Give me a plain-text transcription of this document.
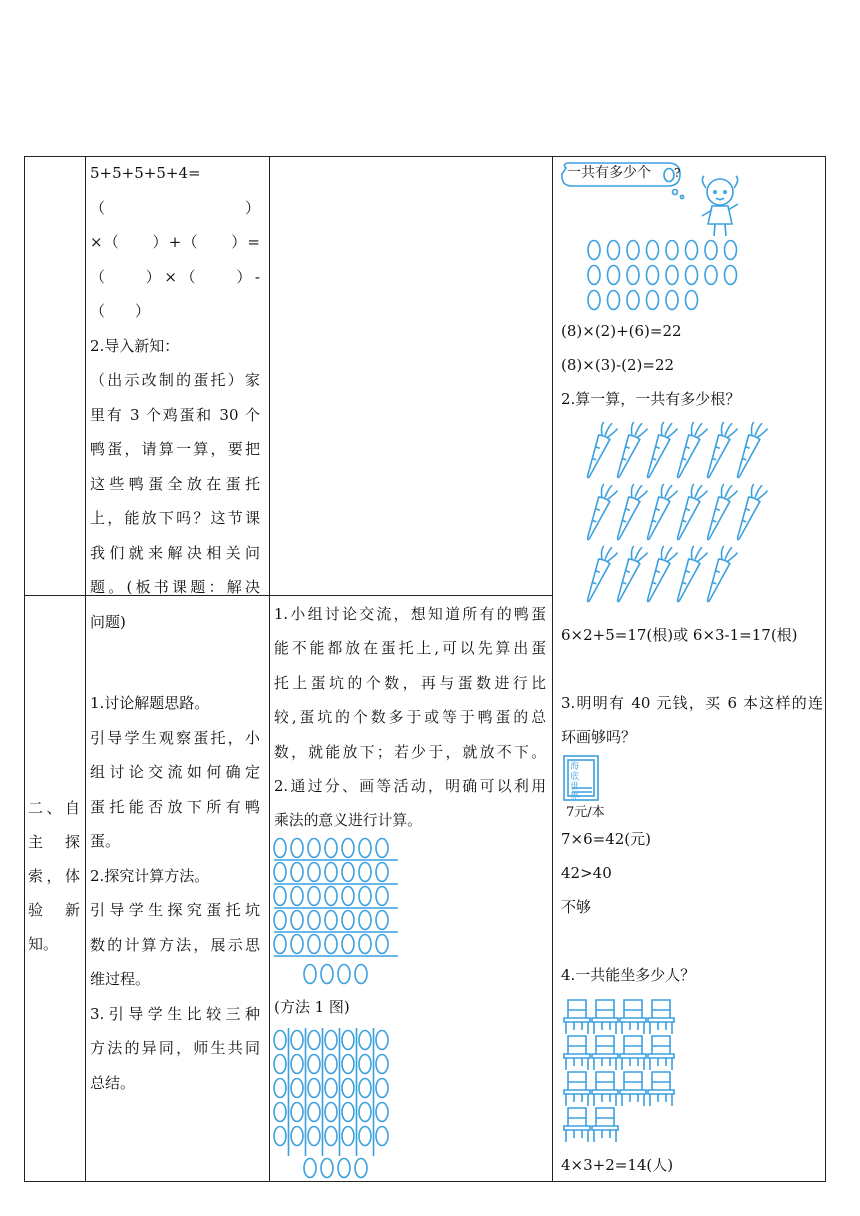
二、自

主探

索，体

验新

知。

5+5+5+5+4=（　　　）

×（　　）+（　　）=

（　　）×（　　）-

（　　）

2.导入新知：

（出示改制的蛋托）家

里有 3 个鸡蛋和 30 个

鸭蛋，请算一算，要把

这些鸭蛋全放在蛋托

上，能放下吗？这节课

我们就来解决相关问

题。(板书课题：解决

问题)

1.讨论解题思路。

引导学生观察蛋托，小

组讨论交流如何确定

蛋托能否放下所有鸭

蛋。

2.探究计算方法。

引导学生探究蛋托坑

数的计算方法，展示思

维过程。

3.引导学生比较三种

方法的异同，师生共同

总结。

1.小组讨论交流，想知道所有的鸭蛋

能不能都放在蛋托上,可以先算出蛋

托上蛋坑的个数，再与蛋数进行比

较,蛋坑的个数多于或等于鸭蛋的总

数，就能放下；若少于，就放不下。

2.通过分、画等活动，明确可以利用

乘法的意义进行计算。

(方法 1 图)
一共有多少个 ?
(8)×(2)+(6)=22
(8)×(3)-(2)=22
2.算一算，一共有多少根？
6×2+5=17(根)或 6×3-1=17(根)
3.明明有 40 元钱，买 6 本这样的连
环画够吗？
海底世界
7元/本
7×6=42(元)
42>40
不够
4.一共能坐多少人？
4×3+2=14(人)
